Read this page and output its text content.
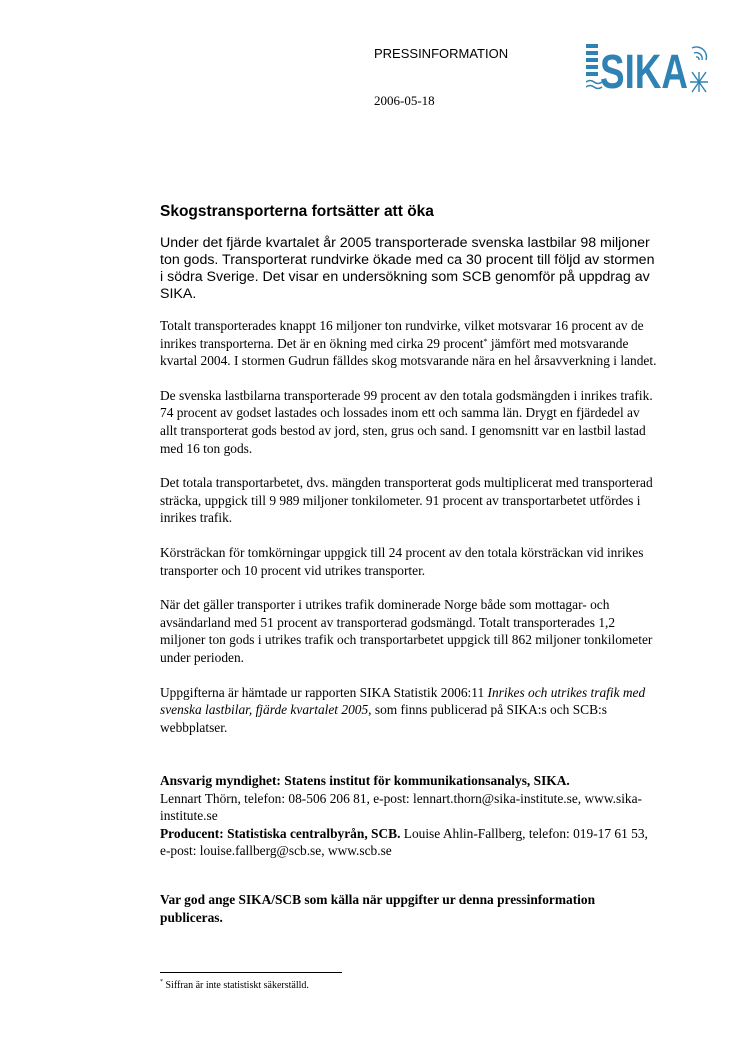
PRESSINFORMATION
2006-05-18
SIKA
Skogstransporterna fortsätter att öka

Under det fjärde kvartalet år 2005 transporterade svenska lastbilar 98 miljoner ton gods. Transporterat rundvirke ökade med ca 30 procent till följd av stormen i södra Sverige. Det visar en undersökning som SCB genomför på uppdrag av SIKA.

Totalt transporterades knappt 16 miljoner ton rundvirke, vilket motsvarar 16 procent av de inrikes transporterna. Det är en ökning med cirka 29 procent* jämfört med motsvarande kvartal 2004. I stormen Gudrun fälldes skog motsvarande nära en hel årsavverkning i landet.

De svenska lastbilarna transporterade 99 procent av den totala godsmängden i inrikes trafik. 74 procent av godset lastades och lossades inom ett och samma län. Drygt en fjärdedel av allt transporterat gods bestod av jord, sten, grus och sand. I genomsnitt var en lastbil lastad med 16 ton gods.

Det totala transportarbetet, dvs. mängden transporterat gods multiplicerat med transporterad sträcka, uppgick till 9 989 miljoner tonkilometer. 91 procent av transportarbetet utfördes i inrikes trafik.

Körsträckan för tomkörningar uppgick till 24 procent av den totala körsträckan vid inrikes transporter och 10 procent vid utrikes transporter.

När det gäller transporter i utrikes trafik dominerade Norge både som mottagar- och avsändarland med 51 procent av transporterad godsmängd. Totalt transporterades 1,2 miljoner ton gods i utrikes trafik och transportarbetet uppgick till 862 miljoner tonkilometer under perioden.

Uppgifterna är hämtade ur rapporten SIKA Statistik 2006:11 Inrikes och utrikes trafik med svenska lastbilar, fjärde kvartalet 2005, som finns publicerad på SIKA:s och SCB:s webbplatser.

Ansvarig myndighet: Statens institut för kommunikationsanalys, SIKA.
Lennart Thörn, telefon: 08-506 206 81, e-post: lennart.thorn@sika-institute.se, www.sika-institute.se
Producent: Statistiska centralbyrån, SCB. Louise Ahlin-Fallberg, telefon: 019-17 61 53, e-post: louise.fallberg@scb.se, www.scb.se
Var god ange SIKA/SCB som källa när uppgifter ur denna pressinformation publiceras.
* Siffran är inte statistiskt säkerställd.
